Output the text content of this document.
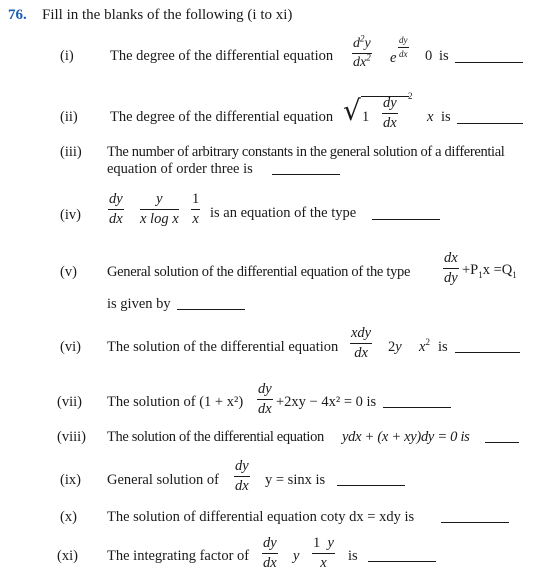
76. Fill in the blanks of the following (i to xi)
(i)	The degree of the differential equation $\frac{d^2y}{dx^2}$ e $\frac{dy}{dx} 0$ is
(ii) The degree of the differential equation √ $1 \frac{dy}{dx} 2$
x is
(iii) The number of arbitrary constants in the general solution of a differential
equation of order three is
$(iv) \frac{dy}{dx} \frac{y}{\text{x log x}} \frac{1}{x}$ is an equation of the type
(v) General solution of the differential equation of the type $\frac{dx}{dy} +P_1x =Q_1$
is given by
(vi) The solution of the differential equation
xdy
dx 2y $x^2$ is
(vii) The solution of $(1 + x^2) \frac{dy}{dx} +2xy - 4x^2 = 0$ is
(viii) The solution of the differential equation ydx + (x + xy)dy = 0 is
(ix) General solution of $\frac{dy}{dx}$ y = sinx is
(x) The solution of differential equation coty dx = xdy is
(xi) The integrating factor of $\frac{dy}{dx}$ y $\frac{1 y}{x}$ is
